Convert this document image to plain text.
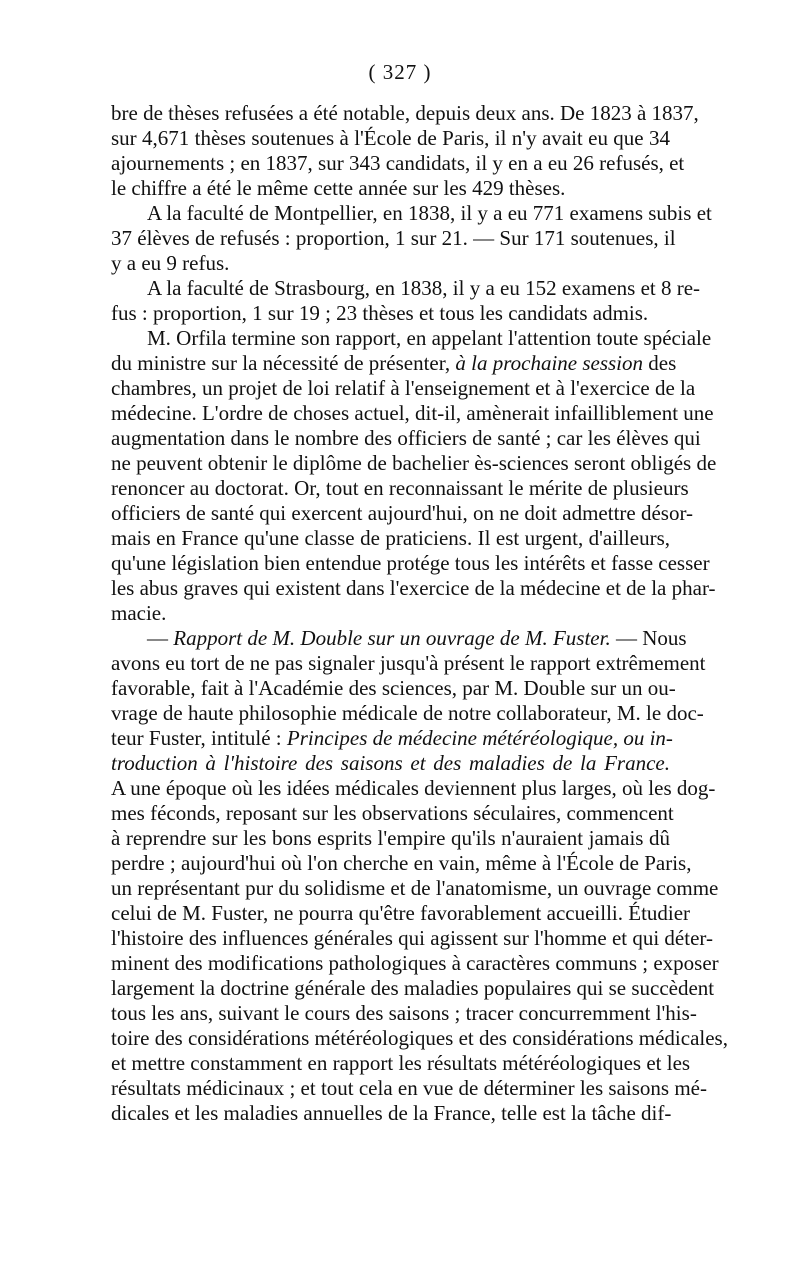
( 327 )
bre de thèses refusées a été notable, depuis deux ans. De 1823 à 1837,
sur 4,671 thèses soutenues à l'École de Paris, il n'y avait eu que 34
ajournements ; en 1837, sur 343 candidats, il y en a eu 26 refusés, et
le chiffre a été le même cette année sur les 429 thèses.
A la faculté de Montpellier, en 1838, il y a eu 771 examens subis et
37 élèves de refusés : proportion, 1 sur 21. — Sur 171 soutenues, il
y a eu 9 refus.
A la faculté de Strasbourg, en 1838, il y a eu 152 examens et 8 re-
fus : proportion, 1 sur 19 ; 23 thèses et tous les candidats admis.
M. Orfila termine son rapport, en appelant l'attention toute spéciale
du ministre sur la nécessité de présenter, à la prochaine session des
chambres, un projet de loi relatif à l'enseignement et à l'exercice de la
médecine. L'ordre de choses actuel, dit-il, amènerait infailliblement une
augmentation dans le nombre des officiers de santé ; car les élèves qui
ne peuvent obtenir le diplôme de bachelier ès-sciences seront obligés de
renoncer au doctorat. Or, tout en reconnaissant le mérite de plusieurs
officiers de santé qui exercent aujourd'hui, on ne doit admettre désor-
mais en France qu'une classe de praticiens. Il est urgent, d'ailleurs,
qu'une législation bien entendue protége tous les intérêts et fasse cesser
les abus graves qui existent dans l'exercice de la médecine et de la phar-
macie.
— Rapport de M. Double sur un ouvrage de M. Fuster. — Nous
avons eu tort de ne pas signaler jusqu'à présent le rapport extrêmement
favorable, fait à l'Académie des sciences, par M. Double sur un ou-
vrage de haute philosophie médicale de notre collaborateur, M. le doc-
teur Fuster, intitulé : Principes de médecine météréologique, ou in-
troduction à l'histoire des saisons et des maladies de la France.
A une époque où les idées médicales deviennent plus larges, où les dog-
mes féconds, reposant sur les observations séculaires, commencent
à reprendre sur les bons esprits l'empire qu'ils n'auraient jamais dû
perdre ; aujourd'hui où l'on cherche en vain, même à l'École de Paris,
un représentant pur du solidisme et de l'anatomisme, un ouvrage comme
celui de M. Fuster, ne pourra qu'être favorablement accueilli. Étudier
l'histoire des influences générales qui agissent sur l'homme et qui déter-
minent des modifications pathologiques à caractères communs ; exposer
largement la doctrine générale des maladies populaires qui se succèdent
tous les ans, suivant le cours des saisons ; tracer concurremment l'his-
toire des considérations météréologiques et des considérations médicales,
et mettre constamment en rapport les résultats météréologiques et les
résultats médicinaux ; et tout cela en vue de déterminer les saisons mé-
dicales et les maladies annuelles de la France, telle est la tâche dif-
